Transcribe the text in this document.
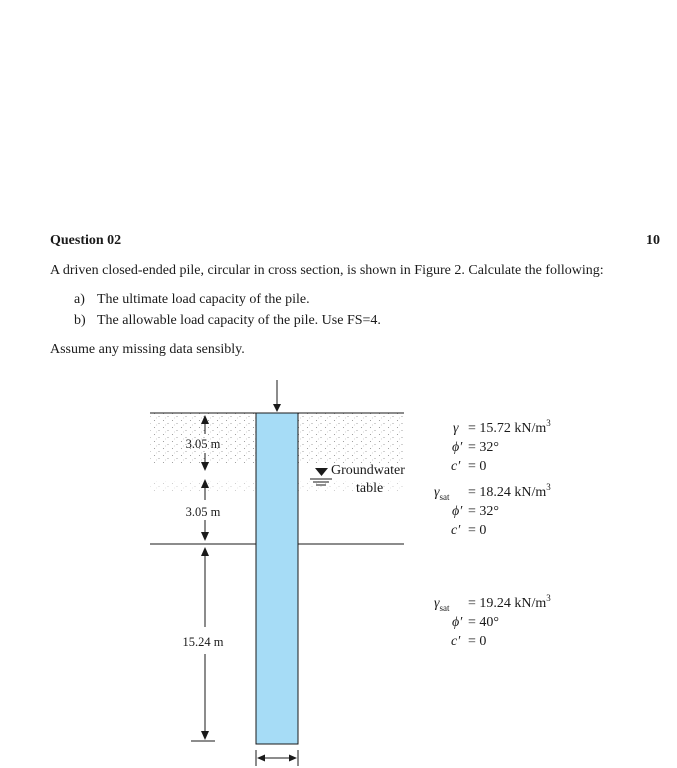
Question 02	10
A driven closed-ended pile, circular in cross section, is shown in Figure 2. Calculate the following:
a) The ultimate load capacity of the pile.
b) The allowable load capacity of the pile. Use FS=4.
Assume any missing data sensibly.
3.05 m
3.05 m
15.24 m
Groundwater
table
γ = 15.72 $kN/m^3$
ϕ′ = 32°
c′ = 0
$\gamma_{sat} = 18.24$ $kN/m^3$
ϕ′ = 32°
c′ = 0
$\gamma_{sat} = 19.24$ $kN/m^3$
ϕ′ = 40°
c′ = 0
